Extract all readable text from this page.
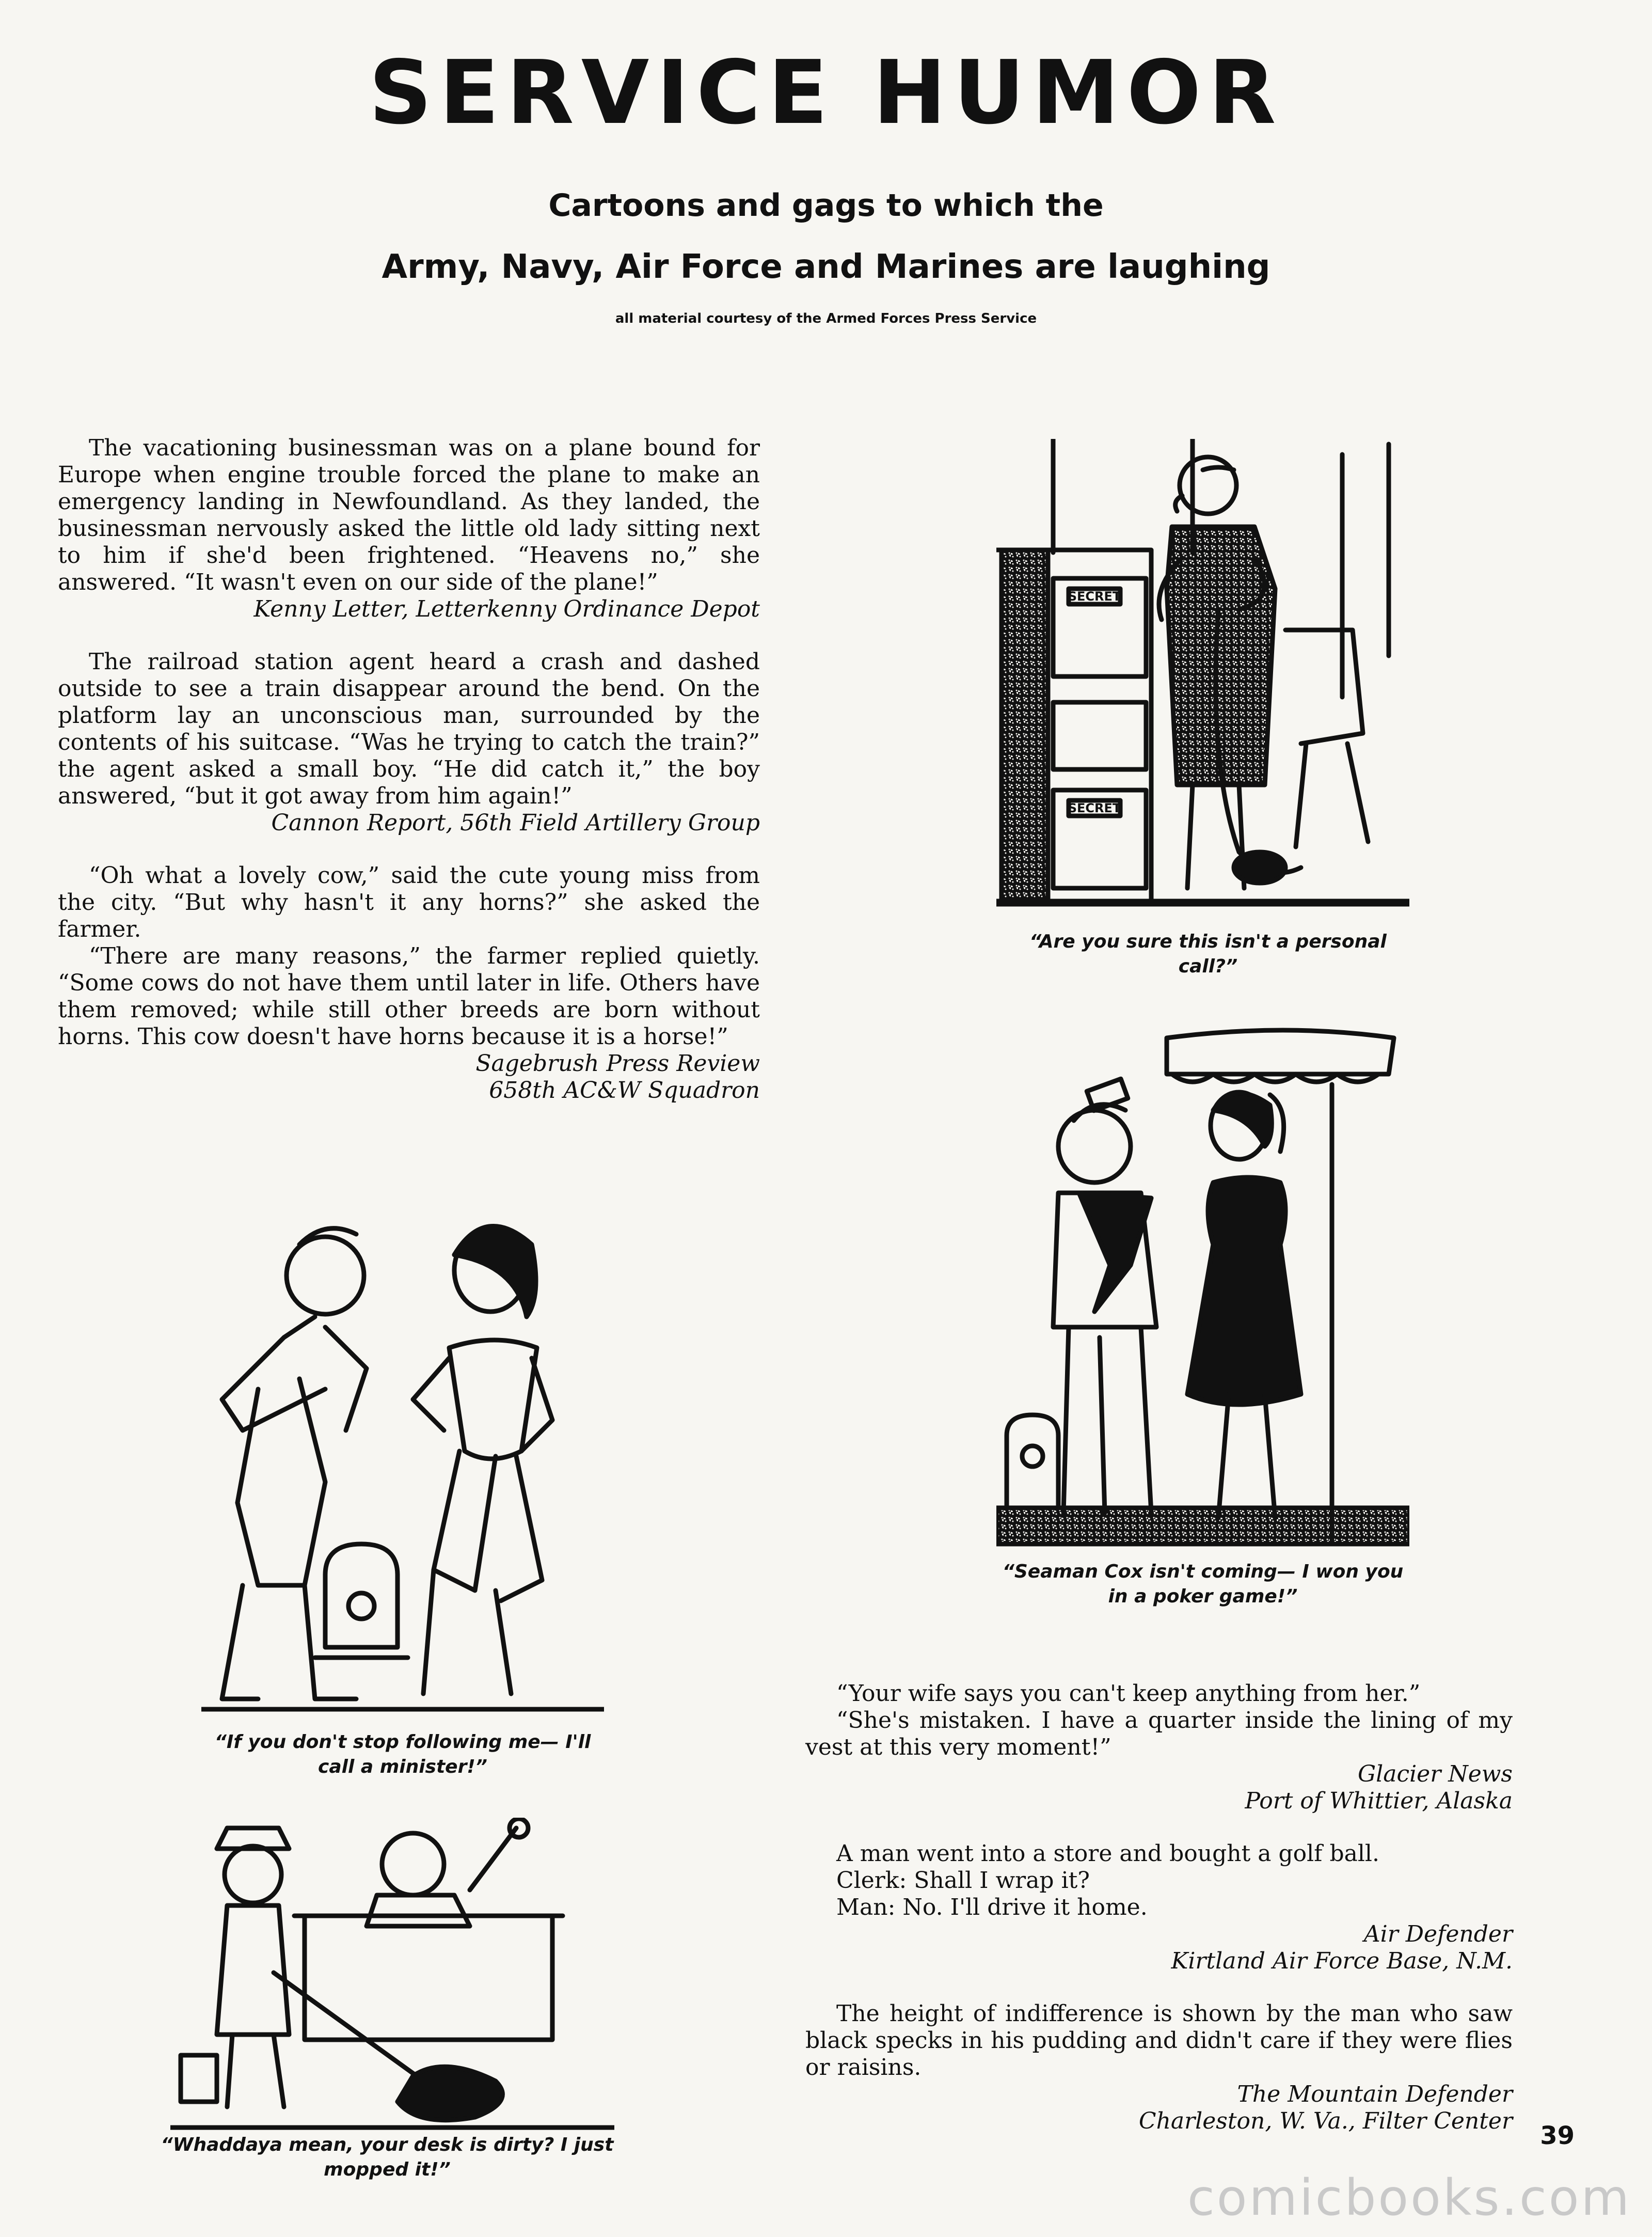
SERVICE HUMOR
Cartoons and gags to which the
Army, Navy, Air Force and Marines are laughing
all material courtesy of the Armed Forces Press Service

The vacationing businessman was on a plane bound for Europe when engine trouble forced the plane to make an emergency landing in Newfoundland. As they landed, the businessman nervously asked the little old lady sitting next to him if she'd been frightened. “Heavens no,” she answered. “It wasn't even on our side of the plane!”

Kenny Letter, Letterkenny Ordinance Depot

The railroad station agent heard a crash and dashed outside to see a train disappear around the bend. On the platform lay an unconscious man, surrounded by the contents of his suitcase. “Was he trying to catch the train?” the agent asked a small boy. “He did catch it,” the boy answered, “but it got away from him again!”

Cannon Report, 56th Field Artillery Group

“Oh what a lovely cow,” said the cute young miss from the city. “But why hasn't it any horns?” she asked the farmer.

“There are many reasons,” the farmer replied quietly. “Some cows do not have them until later in life. Others have them removed; while still other breeds are born without horns. This cow doesn't have horns because it is a horse!”

Sagebrush Press Review
658th AC&W Squadron

“Your wife says you can't keep anything from her.”

“She's mistaken. I have a quarter inside the lining of my vest at this very moment!”

Glacier News
Port of Whittier, Alaska

A man went into a store and bought a golf ball.

Clerk: Shall I wrap it?

Man: No. I'll drive it home.

Air Defender
Kirtland Air Force Base, N.M.

The height of indifference is shown by the man who saw black specks in his pudding and didn't care if they were flies or raisins.

The Mountain Defender
Charleston, W. Va., Filter Center
SECRET
SECRET
“Are you sure this isn't a personal call?”
“Seaman Cox isn't coming— I won you in a poker game!”
“If you don't stop following me— I'll call a minister!”
“Whaddaya mean, your desk is dirty? I just mopped it!”
39
comicbooks.com
